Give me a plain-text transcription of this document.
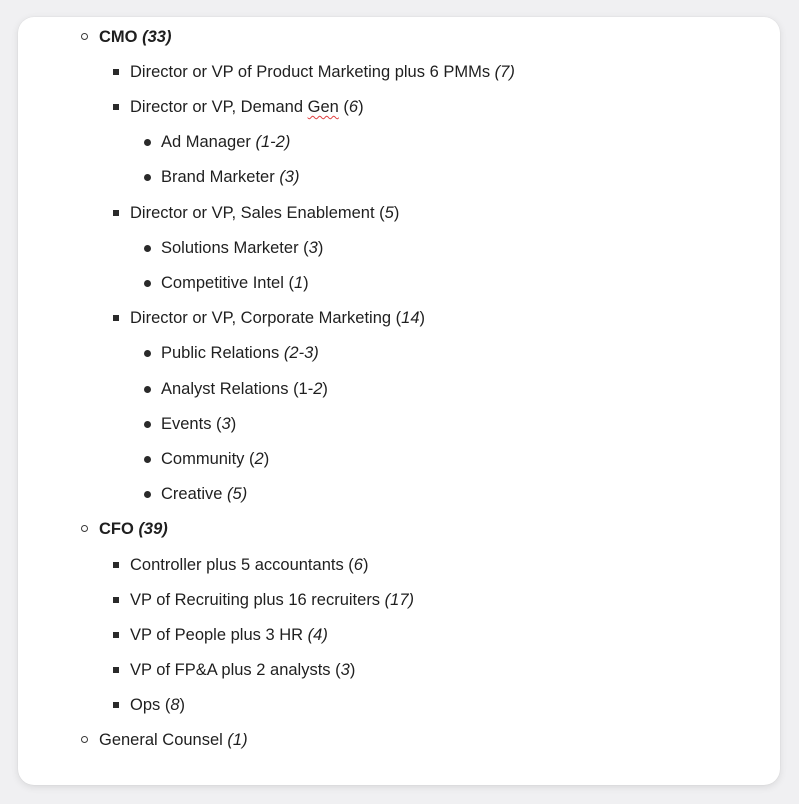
CMO (33)
Director or VP of Product Marketing plus 6 PMMs (7)
Director or VP, Demand Gen (6)
Ad Manager (1-2)
Brand Marketer (3)
Director or VP, Sales Enablement (5)
Solutions Marketer (3)
Competitive Intel (1)
Director or VP, Corporate Marketing (14)
Public Relations (2-3)
Analyst Relations (1-2)
Events (3)
Community (2)
Creative (5)
CFO (39)
Controller plus 5 accountants (6)
VP of Recruiting plus 16 recruiters (17)
VP of People plus 3 HR (4)
VP of FP&A plus 2 analysts (3)
Ops (8)
General Counsel (1)
